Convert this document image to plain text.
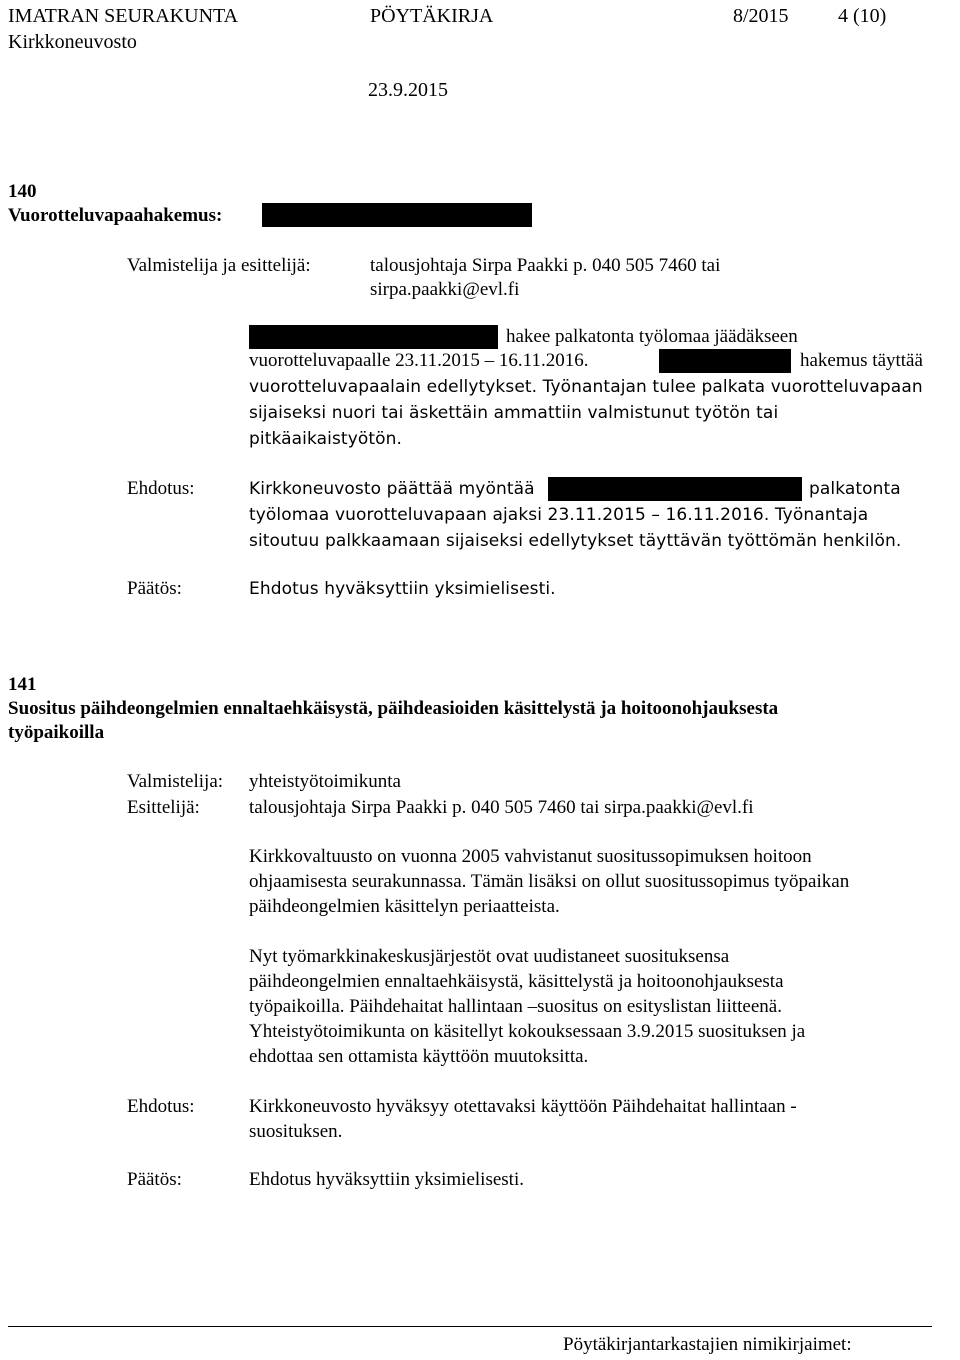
IMATRAN SEURAKUNTA	PÖYTÄKIRJA	8/2015 4 (10)
Kirkkoneuvosto
23.9.2015
140
Vuorotteluvapaahakemus:
Valmistelija ja esittelijä:	talousjohtaja Sirpa Paakki p. 040 505 7460 tai
sirpa.paakki@evl.fi
hakee palkatonta työlomaa jäädäkseen
vuorotteluvapaalle 23.11.2015 – 16.11.2016.	hakemus täyttää
vuorotteluvapaalain edellytykset. Työnantajan tulee palkata vuorotteluvapaan
sijaiseksi nuori tai äskettäin ammattiin valmistunut työtön tai
pitkäaikaistyötön.
Ehdotus:	Kirkkoneuvosto päättää myöntää	palkatonta
työlomaa vuorotteluvapaan ajaksi 23.11.2015 – 16.11.2016. Työnantaja
sitoutuu palkkaamaan sijaiseksi edellytykset täyttävän työttömän henkilön.
Päätös:	Ehdotus hyväksyttiin yksimielisesti.
141
Suositus päihdeongelmien ennaltaehkäisystä, päihdeasioiden käsittelystä ja hoitoonohjauksesta
työpaikoilla
Valmistelija: yhteistyötoimikunta
Esittelijä:	talousjohtaja Sirpa Paakki p. 040 505 7460 tai sirpa.paakki@evl.fi
Kirkkovaltuusto on vuonna 2005 vahvistanut suositussopimuksen hoitoon
ohjaamisesta seurakunnassa. Tämän lisäksi on ollut suositussopimus työpaikan
päihdeongelmien käsittelyn periaatteista.
Nyt työmarkkinakeskusjärjestöt ovat uudistaneet suosituksensa
päihdeongelmien ennaltaehkäisystä, käsittelystä ja hoitoonohjauksesta
työpaikoilla. Päihdehaitat hallintaan –suositus on esityslistan liitteenä.
Yhteistyötoimikunta on käsitellyt kokouksessaan 3.9.2015 suosituksen ja
ehdottaa sen ottamista käyttöön muutoksitta.
Ehdotus:	Kirkkoneuvosto hyväksyy otettavaksi käyttöön Päihdehaitat hallintaan -
suosituksen.
Päätös:	Ehdotus hyväksyttiin yksimielisesti.
Pöytäkirjantarkastajien nimikirjaimet:
